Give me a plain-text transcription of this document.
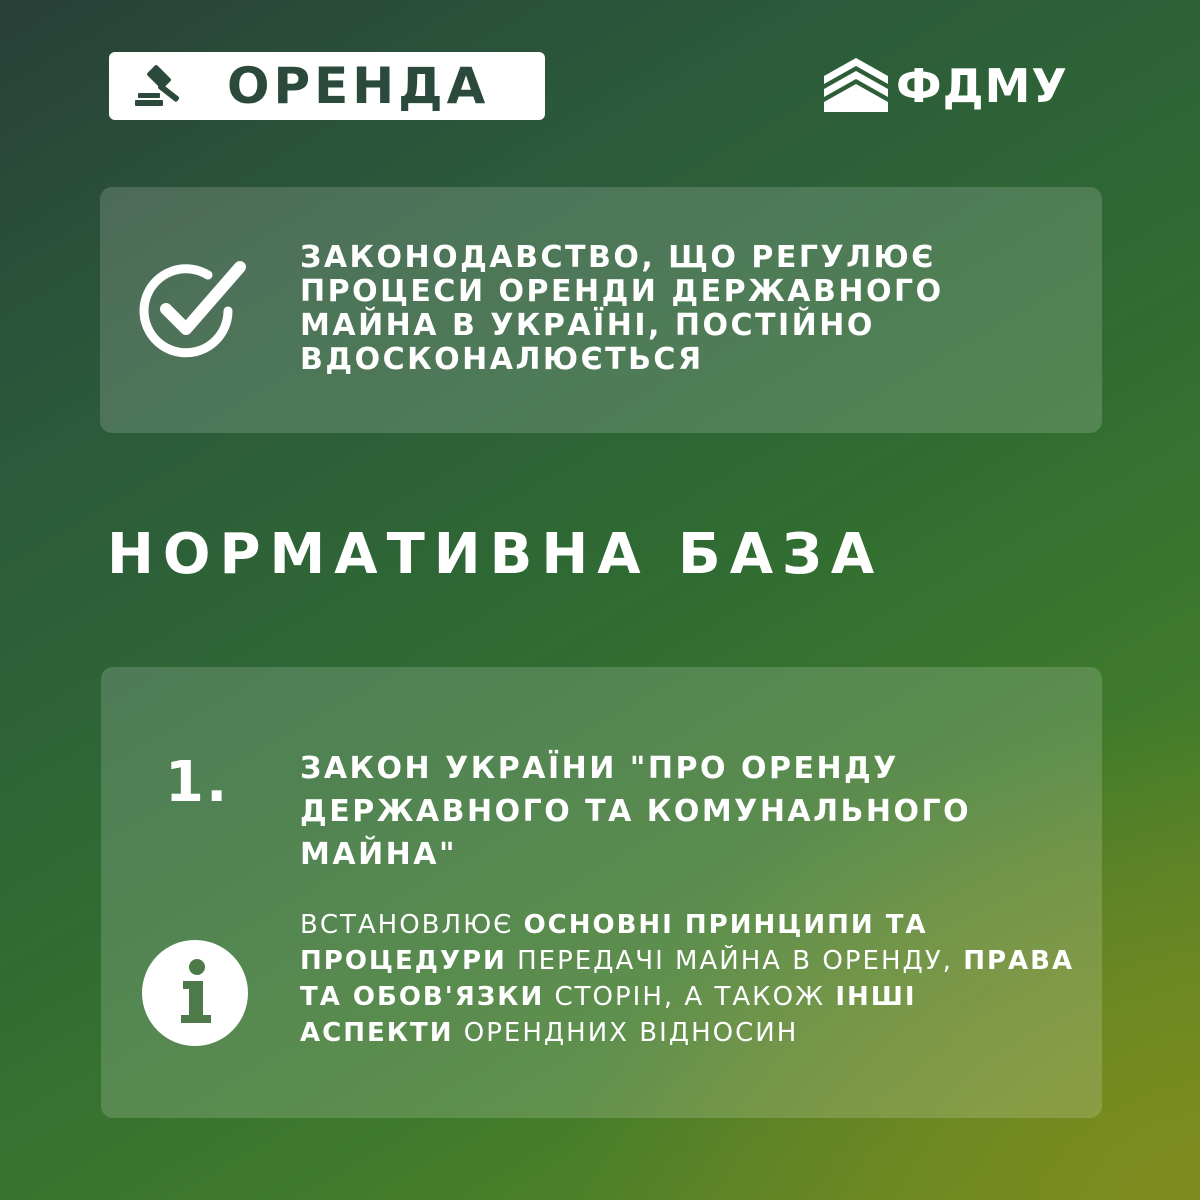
ОРЕНДА	ФДМУ
ЗАКОНОДАВСТВО, ЩО РЕГУЛЮЄ ПРОЦЕСИ ОРЕНДИ ДЕРЖАВНОГО МАЙНА В УКРАЇНІ, ПОСТІЙНО ВДОСКОНАЛЮЄТЬСЯ
НОРМАТИВНА БАЗА
1. ЗАКОН УКРАЇНИ "ПРО ОРЕНДУ ДЕРЖАВНОГО ТА КОМУНАЛЬНОГО МАЙНА"
ВСТАНОВЛЮЄ ОСНОВНІ ПРИНЦИПИ ТА ПРОЦЕДУРИ ПЕРЕДАЧІ МАЙНА В ОРЕНДУ, ПРАВА ТА ОБОВ'ЯЗКИ СТОРІН, А ТАКОЖ ІНШІ АСПЕКТИ ОРЕНДНИХ ВІДНОСИН
